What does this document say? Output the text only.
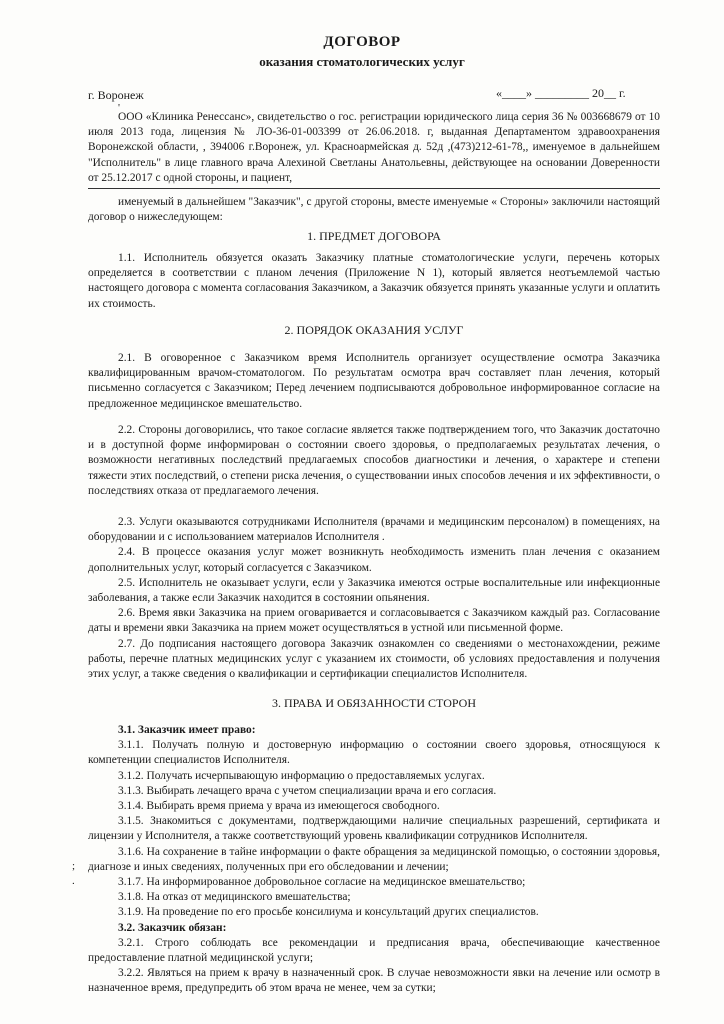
ДОГОВОР
оказания стоматологических услуг
г. Воронеж	«____» _________ 20__ г.
'

ООО «Клиника Ренессанс», свидетельство о гос. регистрации юридического лица серия 36 № 003668679 от 10 июля 2013 года, лицензия № ЛО-36-01-003399 от 26.06.2018. г, выданная Департаментом здравоохранения Воронежской области, , 394006 г.Воронеж, ул. Красноармейская д. 52д ,(473)212-61-78,, именуемое в дальнейшем "Исполнитель" в лице главного врача Алехиной Светланы Анатольевны, действующее на основании Доверенности от 25.12.2017 с одной стороны, и пациент,

именуемый в дальнейшем "Заказчик", с другой стороны, вместе именуемые « Стороны» заключили настоящий договор о нижеследующем:

1. ПРЕДМЕТ ДОГОВОРА

1.1. Исполнитель обязуется оказать Заказчику платные стоматологические услуги, перечень которых определяется в соответствии с планом лечения (Приложение N 1), который является неотъемлемой частью настоящего договора с момента согласования Заказчиком, а Заказчик обязуется принять указанные услуги и оплатить их стоимость.

2. ПОРЯДОК ОКАЗАНИЯ УСЛУГ

2.1. В оговоренное с Заказчиком время Исполнитель организует осуществление осмотра Заказчика квалифицированным врачом-стоматологом. По результатам осмотра врач составляет план лечения, который письменно согласуется с Заказчиком; Перед лечением подписываются добровольное информированное согласие на предложенное медицинское вмешательство.

2.2. Стороны договорились, что такое согласие является также подтверждением того, что Заказчик достаточно и в доступной форме информирован о состоянии своего здоровья, о предполагаемых результатах лечения, о возможности негативных последствий предлагаемых способов диагностики и лечения, о характере и степени тяжести этих последствий, о степени риска лечения, о существовании иных способов лечения и их эффективности, о последствиях отказа от предлагаемого лечения.

2.3. Услуги оказываются сотрудниками Исполнителя (врачами и медицинским персоналом) в помещениях, на оборудовании и с использованием материалов Исполнителя .

2.4. В процессе оказания услуг может возникнуть необходимость изменить план лечения с оказанием дополнительных услуг, который согласуется с Заказчиком.

2.5. Исполнитель не оказывает услуги, если у Заказчика имеются острые воспалительные или инфекционные заболевания, а также если Заказчик находится в состоянии опьянения.

2.6. Время явки Заказчика на прием оговаривается и согласовывается с Заказчиком каждый раз. Согласование даты и времени явки Заказчика на прием может осуществляться в устной или письменной форме.

2.7. До подписания настоящего договора Заказчик ознакомлен со сведениями о местонахождении, режиме работы, перечне платных медицинских услуг с указанием их стоимости, об условиях предоставления и получения этих услуг, а также сведения о квалификации и сертификации специалистов Исполнителя.

3. ПРАВА И ОБЯЗАННОСТИ СТОРОН

3.1. Заказчик имеет право:

3.1.1. Получать полную и достоверную информацию о состоянии своего здоровья, относящуюся к компетенции специалистов Исполнителя.

3.1.2. Получать исчерпывающую информацию о предоставляемых услугах.

3.1.3. Выбирать лечащего врача с учетом специализации врача и его согласия.

3.1.4. Выбирать время приема у врача из имеющегося свободного.

3.1.5. Знакомиться с документами, подтверждающими наличие специальных разрешений, сертификата и лицензии у Исполнителя, а также соответствующий уровень квалификации сотрудников Исполнителя.

3.1.6. На сохранение в тайне информации о факте обращения за медицинской помощью, о состоянии здоровья, диагнозе и иных сведениях, полученных при его обследовании и лечении;

3.1.7. На информированное добровольное согласие на медицинское вмешательство;

3.1.8. На отказ от медицинского вмешательства;

3.1.9. На проведение по его просьбе консилиума и консультаций других специалистов.

3.2. Заказчик обязан:

3.2.1. Строго соблюдать все рекомендации и предписания врача, обеспечивающие качественное предоставление платной медицинской услуги;

3.2.2. Являться на прием к врачу в назначенный срок. В случае невозможности явки на лечение или осмотр в назначенное время, предупредить об этом врача не менее, чем за сутки;

;
.
